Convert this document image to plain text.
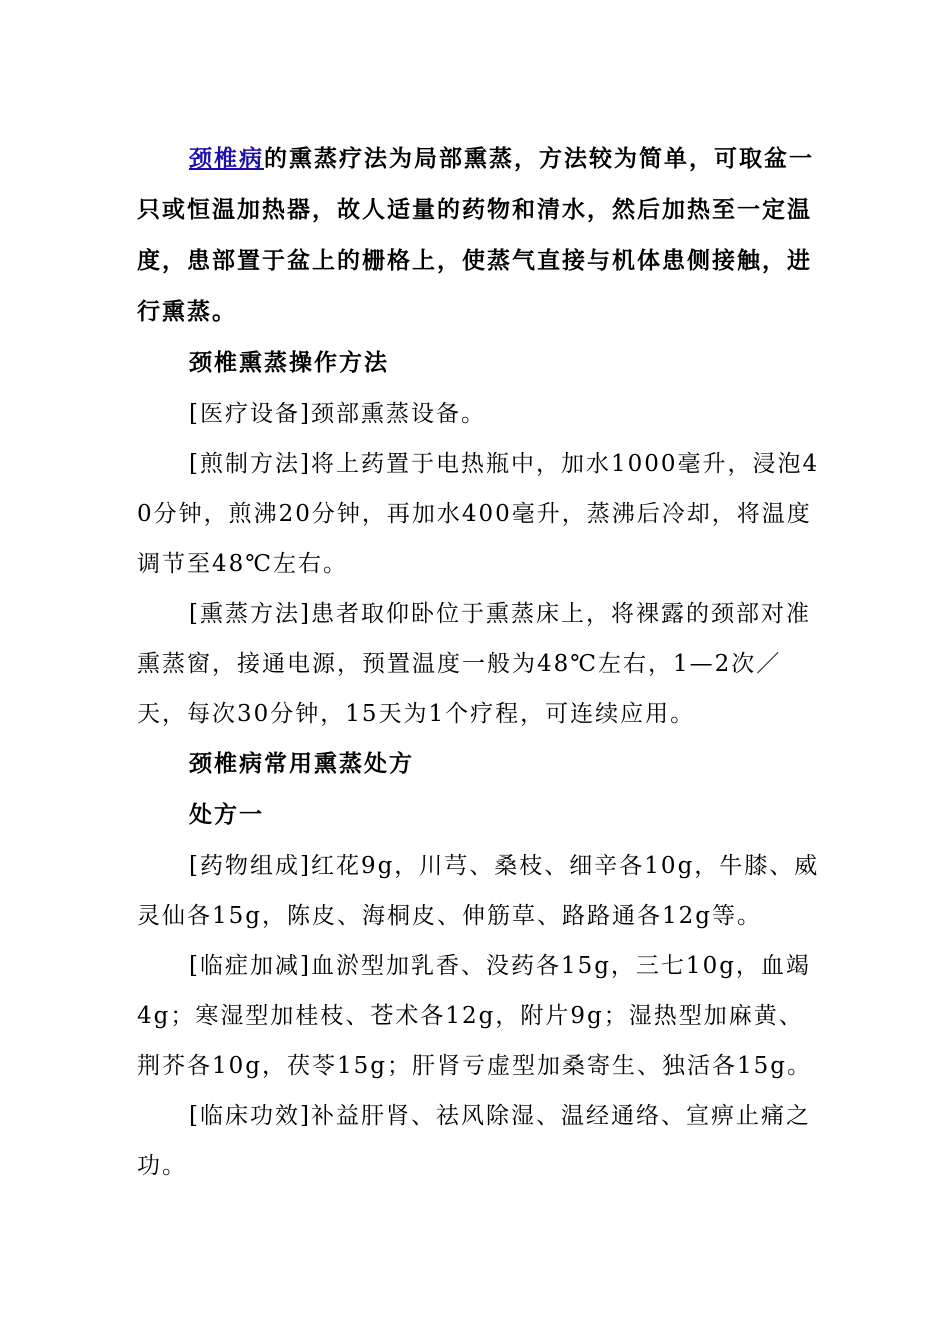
颈椎病的熏蒸疗法为局部熏蒸，方法较为简单，可取盆一只或恒温加热器，故人适量的药物和清水，然后加热至一定温度，患部置于盆上的栅格上，使蒸气直接与机体患侧接触，进行熏蒸。

颈椎熏蒸操作方法

[医疗设备]颈部熏蒸设备。

[煎制方法]将上药置于电热瓶中，加水1000毫升，浸泡40分钟，煎沸20分钟，再加水400毫升，蒸沸后冷却，将温度调节至48℃左右。

[熏蒸方法]患者取仰卧位于熏蒸床上，将裸露的颈部对准熏蒸窗，接通电源，预置温度一般为48℃左右，1—2次／天，每次30分钟，15天为1个疗程，可连续应用。

颈椎病常用熏蒸处方

处方一

[药物组成]红花9g，川芎、桑枝、细辛各10g，牛膝、威灵仙各15g，陈皮、海桐皮、伸筋草、路路通各12g等。

[临症加减]血淤型加乳香、没药各15g，三七10g，血竭4g；寒湿型加桂枝、苍术各12g，附片9g；湿热型加麻黄、荆芥各10g，茯苓15g；肝肾亏虚型加桑寄生、独活各15g。

[临床功效]补益肝肾、祛风除湿、温经通络、宣痹止痛之功。
